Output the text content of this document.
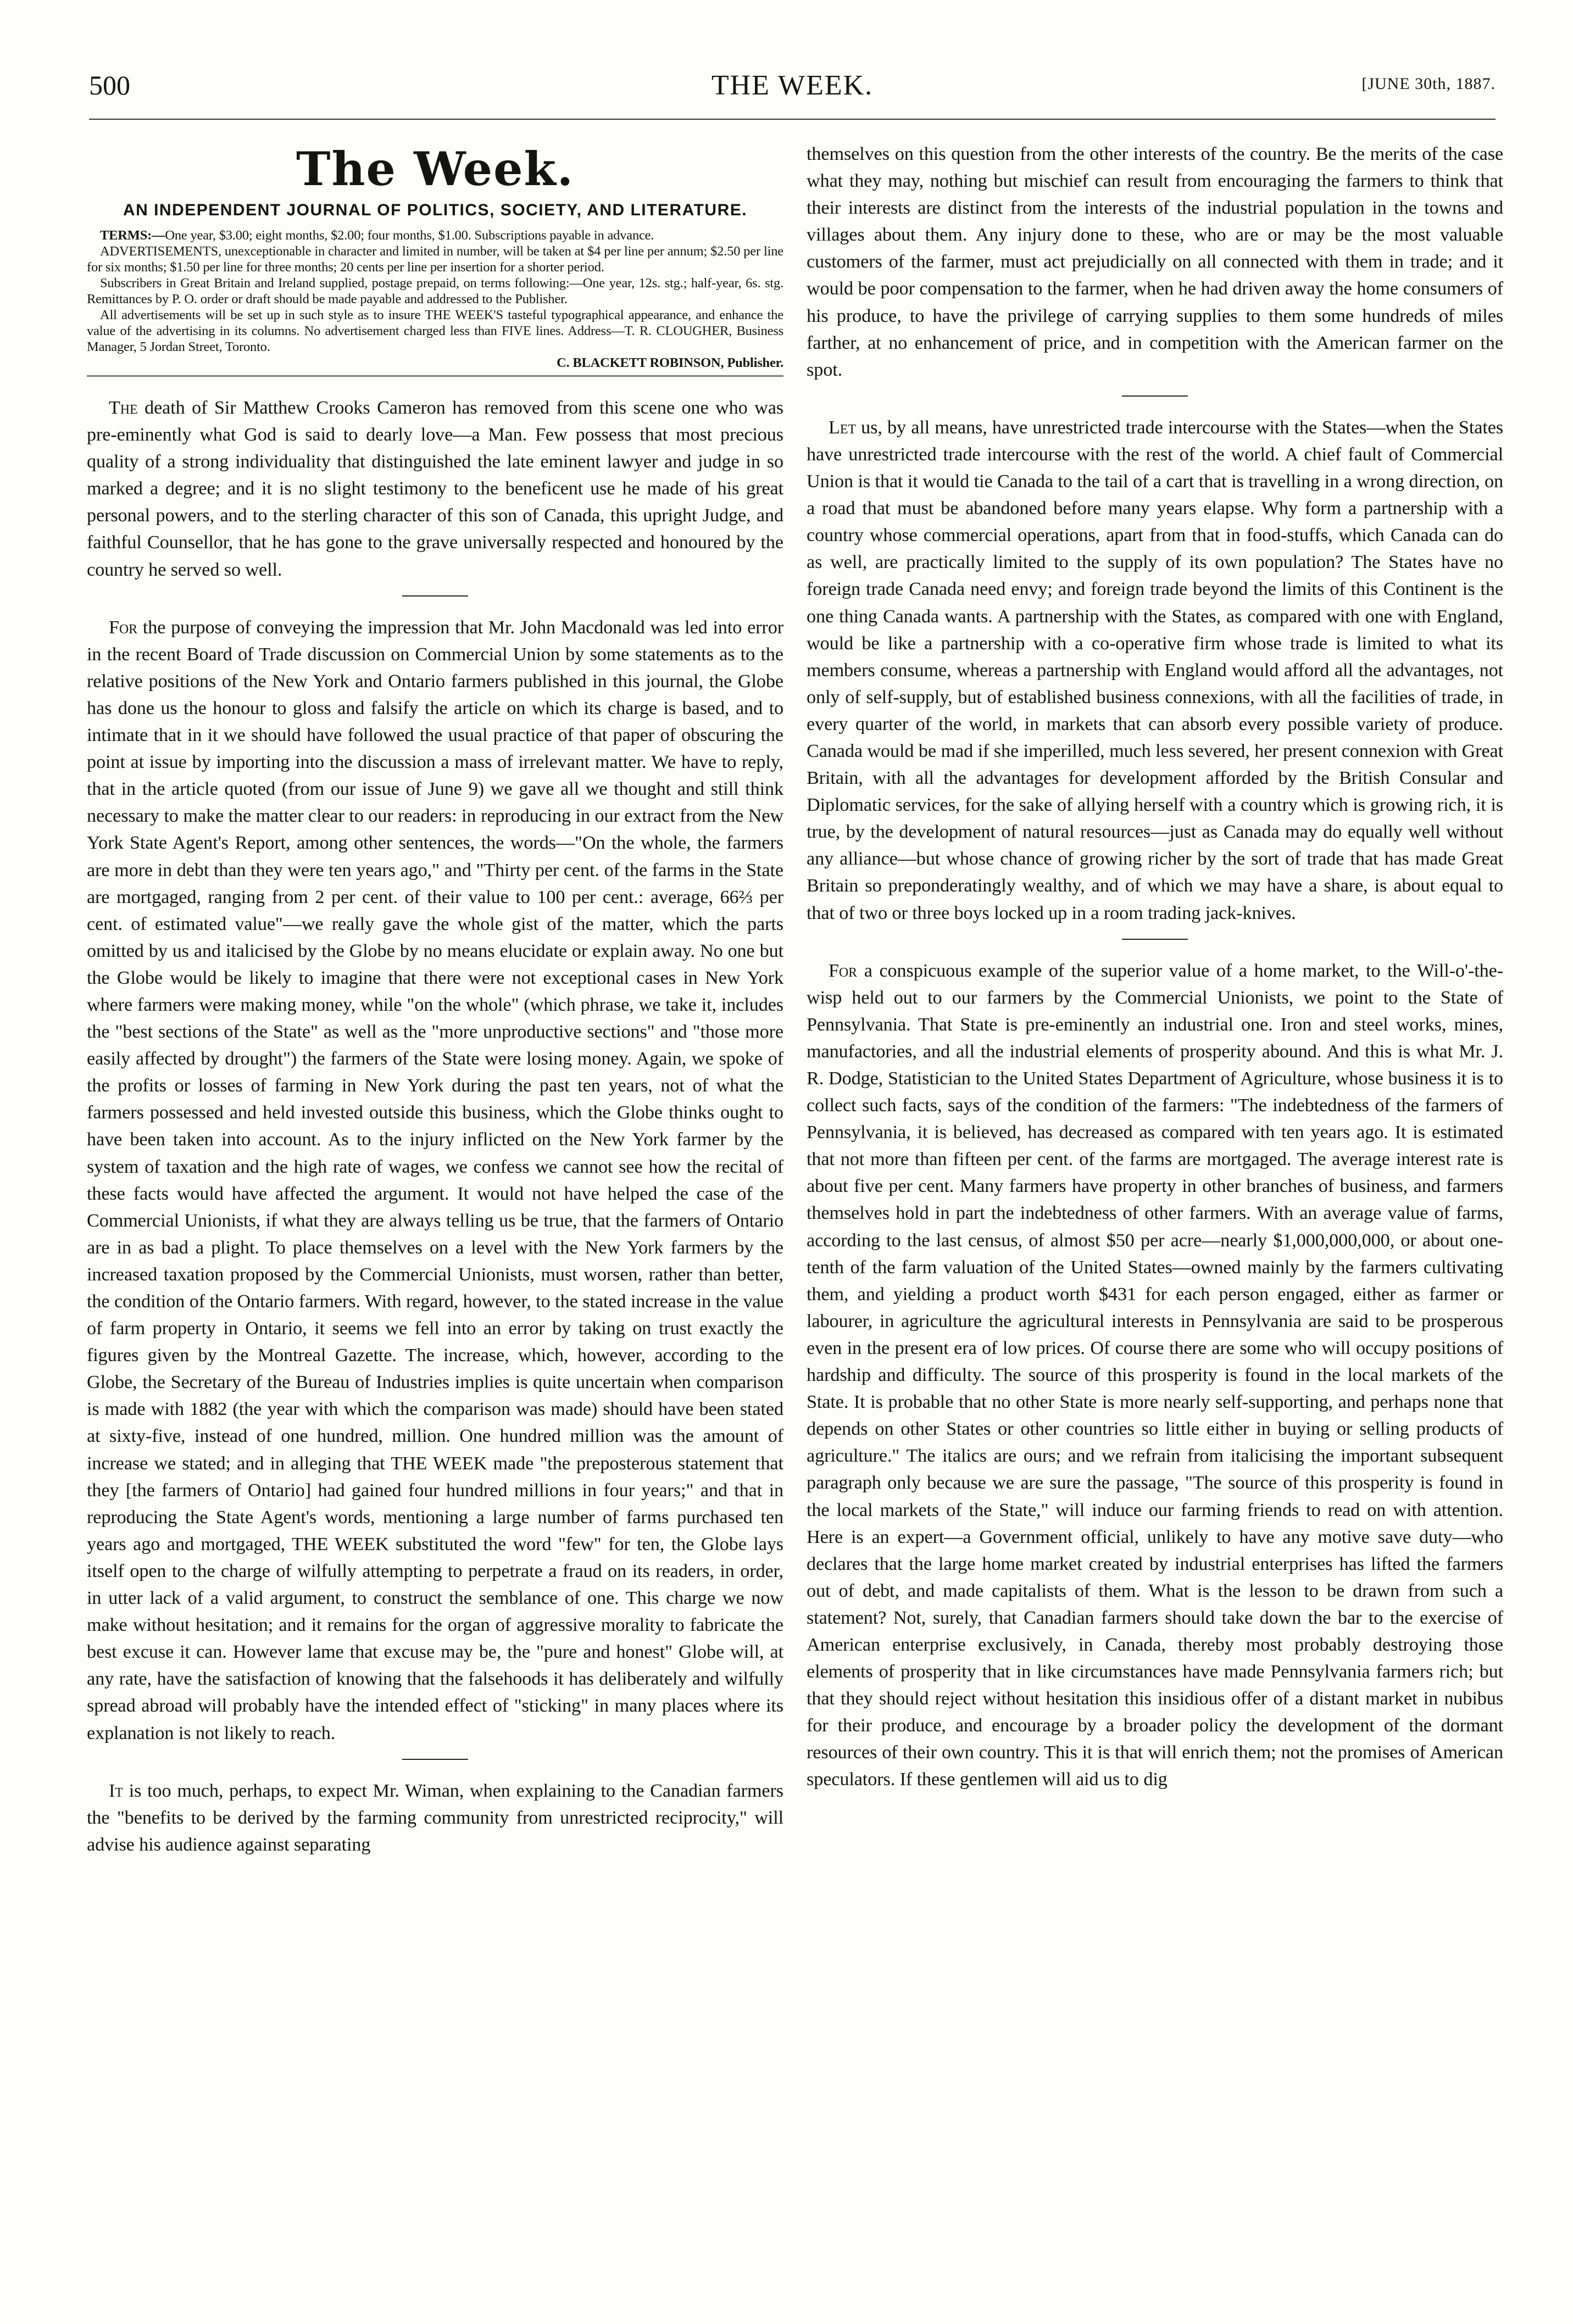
500	THE WEEK.	[JUNE 30th, 1887.
The Week.
AN INDEPENDENT JOURNAL OF POLITICS, SOCIETY, AND LITERATURE.

TERMS:—One year, $3.00; eight months, $2.00; four months, $1.00. Subscriptions payable in advance.

ADVERTISEMENTS, unexceptionable in character and limited in number, will be taken at $4 per line per annum; $2.50 per line for six months; $1.50 per line for three months; 20 cents per line per insertion for a shorter period.

Subscribers in Great Britain and Ireland supplied, postage prepaid, on terms following:—One year, 12s. stg.; half-year, 6s. stg. Remittances by P. O. order or draft should be made payable and addressed to the Publisher.

All advertisements will be set up in such style as to insure THE WEEK'S tasteful typographical appearance, and enhance the value of the advertising in its columns. No advertisement charged less than FIVE lines. Address—T. R. CLOUGHER, Business Manager, 5 Jordan Street, Toronto.

C. BLACKETT ROBINSON, Publisher.

The death of Sir Matthew Crooks Cameron has removed from this scene one who was pre-eminently what God is said to dearly love—a Man. Few possess that most precious quality of a strong individuality that distinguished the late eminent lawyer and judge in so marked a degree; and it is no slight testimony to the beneficent use he made of his great personal powers, and to the sterling character of this son of Canada, this upright Judge, and faithful Counsellor, that he has gone to the grave universally respected and honoured by the country he served so well.

For the purpose of conveying the impression that Mr. John Macdonald was led into error in the recent Board of Trade discussion on Commercial Union by some statements as to the relative positions of the New York and Ontario farmers published in this journal, the Globe has done us the honour to gloss and falsify the article on which its charge is based, and to intimate that in it we should have followed the usual practice of that paper of obscuring the point at issue by importing into the discussion a mass of irrelevant matter. We have to reply, that in the article quoted (from our issue of June 9) we gave all we thought and still think necessary to make the matter clear to our readers: in reproducing in our extract from the New York State Agent's Report, among other sentences, the words—"On the whole, the farmers are more in debt than they were ten years ago," and "Thirty per cent. of the farms in the State are mortgaged, ranging from 2 per cent. of their value to 100 per cent.: average, 66⅔ per cent. of estimated value"—we really gave the whole gist of the matter, which the parts omitted by us and italicised by the Globe by no means elucidate or explain away. No one but the Globe would be likely to imagine that there were not exceptional cases in New York where farmers were making money, while "on the whole" (which phrase, we take it, includes the "best sections of the State" as well as the "more unproductive sections" and "those more easily affected by drought") the farmers of the State were losing money. Again, we spoke of the profits or losses of farming in New York during the past ten years, not of what the farmers possessed and held invested outside this business, which the Globe thinks ought to have been taken into account. As to the injury inflicted on the New York farmer by the system of taxation and the high rate of wages, we confess we cannot see how the recital of these facts would have affected the argument. It would not have helped the case of the Commercial Unionists, if what they are always telling us be true, that the farmers of Ontario are in as bad a plight. To place themselves on a level with the New York farmers by the increased taxation proposed by the Commercial Unionists, must worsen, rather than better, the condition of the Ontario farmers. With regard, however, to the stated increase in the value of farm property in Ontario, it seems we fell into an error by taking on trust exactly the figures given by the Montreal Gazette. The increase, which, however, according to the Globe, the Secretary of the Bureau of Industries implies is quite uncertain when comparison is made with 1882 (the year with which the comparison was made) should have been stated at sixty-five, instead of one hundred, million. One hundred million was the amount of increase we stated; and in alleging that THE WEEK made "the preposterous statement that they [the farmers of Ontario] had gained four hundred millions in four years;" and that in reproducing the State Agent's words, mentioning a large number of farms purchased ten years ago and mortgaged, THE WEEK substituted the word "few" for ten, the Globe lays itself open to the charge of wilfully attempting to perpetrate a fraud on its readers, in order, in utter lack of a valid argument, to construct the semblance of one. This charge we now make without hesitation; and it remains for the organ of aggressive morality to fabricate the best excuse it can. However lame that excuse may be, the "pure and honest" Globe will, at any rate, have the satisfaction of knowing that the falsehoods it has deliberately and wilfully spread abroad will probably have the intended effect of "sticking" in many places where its explanation is not likely to reach.

It is too much, perhaps, to expect Mr. Wiman, when explaining to the Canadian farmers the "benefits to be derived by the farming community from unrestricted reciprocity," will advise his audience against separating

themselves on this question from the other interests of the country. Be the merits of the case what they may, nothing but mischief can result from encouraging the farmers to think that their interests are distinct from the interests of the industrial population in the towns and villages about them. Any injury done to these, who are or may be the most valuable customers of the farmer, must act prejudicially on all connected with them in trade; and it would be poor compensation to the farmer, when he had driven away the home consumers of his produce, to have the privilege of carrying supplies to them some hundreds of miles farther, at no enhancement of price, and in competition with the American farmer on the spot.

Let us, by all means, have unrestricted trade intercourse with the States—when the States have unrestricted trade intercourse with the rest of the world. A chief fault of Commercial Union is that it would tie Canada to the tail of a cart that is travelling in a wrong direction, on a road that must be abandoned before many years elapse. Why form a partnership with a country whose commercial operations, apart from that in food-stuffs, which Canada can do as well, are practically limited to the supply of its own population? The States have no foreign trade Canada need envy; and foreign trade beyond the limits of this Continent is the one thing Canada wants. A partnership with the States, as compared with one with England, would be like a partnership with a co-operative firm whose trade is limited to what its members consume, whereas a partnership with England would afford all the advantages, not only of self-supply, but of established business connexions, with all the facilities of trade, in every quarter of the world, in markets that can absorb every possible variety of produce. Canada would be mad if she imperilled, much less severed, her present connexion with Great Britain, with all the advantages for development afforded by the British Consular and Diplomatic services, for the sake of allying herself with a country which is growing rich, it is true, by the development of natural resources—just as Canada may do equally well without any alliance—but whose chance of growing richer by the sort of trade that has made Great Britain so preponderatingly wealthy, and of which we may have a share, is about equal to that of two or three boys locked up in a room trading jack-knives.

For a conspicuous example of the superior value of a home market, to the Will-o'-the-wisp held out to our farmers by the Commercial Unionists, we point to the State of Pennsylvania. That State is pre-eminently an industrial one. Iron and steel works, mines, manufactories, and all the industrial elements of prosperity abound. And this is what Mr. J. R. Dodge, Statistician to the United States Department of Agriculture, whose business it is to collect such facts, says of the condition of the farmers: "The indebtedness of the farmers of Pennsylvania, it is believed, has decreased as compared with ten years ago. It is estimated that not more than fifteen per cent. of the farms are mortgaged. The average interest rate is about five per cent. Many farmers have property in other branches of business, and farmers themselves hold in part the indebtedness of other farmers. With an average value of farms, according to the last census, of almost $50 per acre—nearly $1,000,000,000, or about one-tenth of the farm valuation of the United States—owned mainly by the farmers cultivating them, and yielding a product worth $431 for each person engaged, either as farmer or labourer, in agriculture the agricultural interests in Pennsylvania are said to be prosperous even in the present era of low prices. Of course there are some who will occupy positions of hardship and difficulty. The source of this prosperity is found in the local markets of the State. It is probable that no other State is more nearly self-supporting, and perhaps none that depends on other States or other countries so little either in buying or selling products of agriculture." The italics are ours; and we refrain from italicising the important subsequent paragraph only because we are sure the passage, "The source of this prosperity is found in the local markets of the State," will induce our farming friends to read on with attention. Here is an expert—a Government official, unlikely to have any motive save duty—who declares that the large home market created by industrial enterprises has lifted the farmers out of debt, and made capitalists of them. What is the lesson to be drawn from such a statement? Not, surely, that Canadian farmers should take down the bar to the exercise of American enterprise exclusively, in Canada, thereby most probably destroying those elements of prosperity that in like circumstances have made Pennsylvania farmers rich; but that they should reject without hesitation this insidious offer of a distant market in nubibus for their produce, and encourage by a broader policy the development of the dormant resources of their own country. This it is that will enrich them; not the promises of American speculators. If these gentlemen will aid us to dig
